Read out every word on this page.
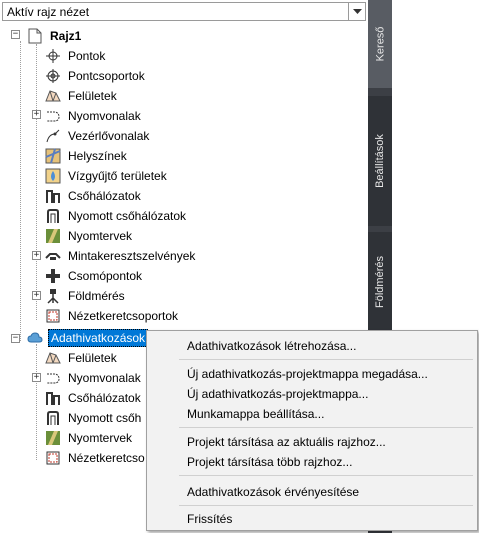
Aktív rajz nézet
−	Rajz1
+
+
+
Pontok
Pontcsoportok
Felületek
Nyomvonalak
Vezérlővonalak
Helyszínek
Vízgyűjtő területek
Csőhálózatok
Nyomott csőhálózatok
Nyomtervek
Mintakeresztszelvények
Csomópontok
Földmérés
Nézetkeretcsoportok
−	Adathivatkozások
+
Felületek
Nyomvonalak
Csőhálózatok
Nyomott csőh
Nyomtervek
Nézetkeretcso
Kereső
Beállítások
Földmérés
Adathivatkozások létrehozása...
Új adathivatkozás-projektmappa megadása...
Új adathivatkozás-projektmappa...
Munkamappa beállítása...
Projekt társítása az aktuális rajzhoz...
Projekt társítása több rajzhoz...
Adathivatkozások érvényesítése
Frissítés
